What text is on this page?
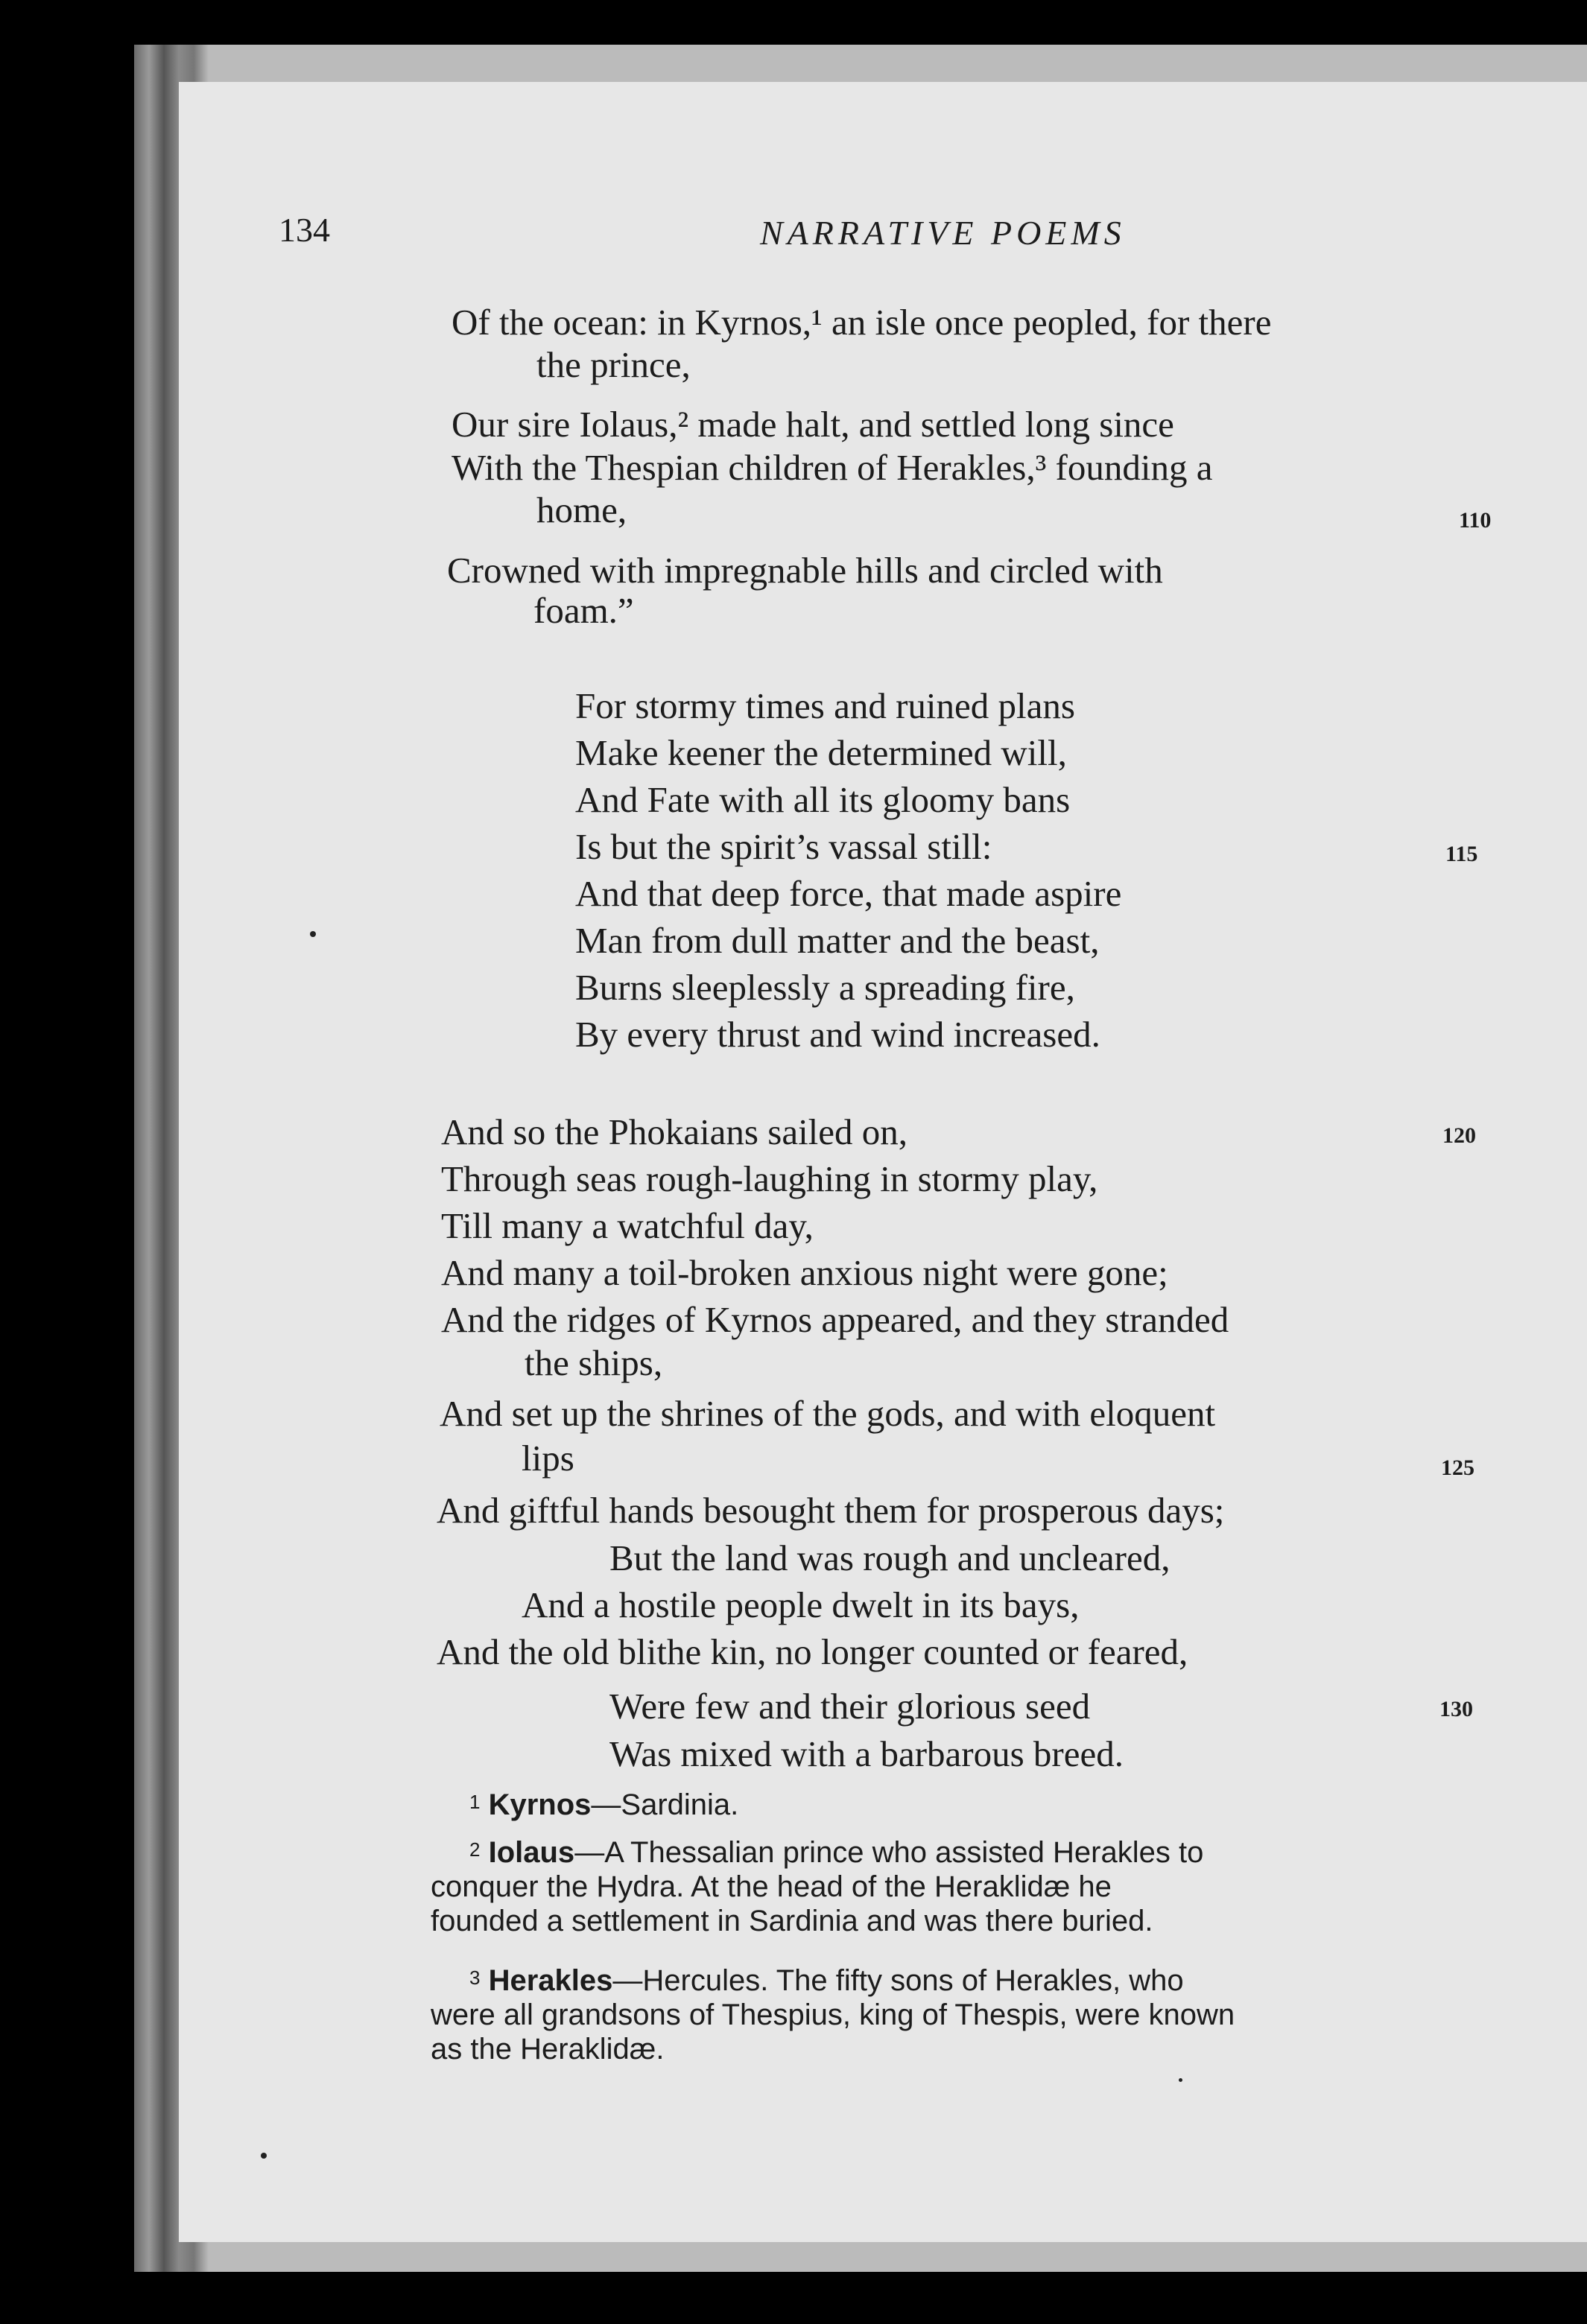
134	NARRATIVE POEMS
Of the ocean: in Kyrnos,¹ an isle once peopled, for there
the prince,
Our sire Iolaus,² made halt, and settled long since
With the Thespian children of Herakles,³ founding a
home,	110
Crowned with impregnable hills and circled with
foam.”
For stormy times and ruined plans
Make keener the determined will,
And Fate with all its gloomy bans
Is but the spirit’s vassal still:	115
And that deep force, that made aspire
Man from dull matter and the beast,
Burns sleeplessly a spreading fire,
By every thrust and wind increased.
And so the Phokaians sailed on,	120
Through seas rough-laughing in stormy play,
Till many a watchful day,
And many a toil-broken anxious night were gone;
And the ridges of Kyrnos appeared, and they stranded
the ships,
And set up the shrines of the gods, and with eloquent
lips	125
And giftful hands besought them for prosperous days;
But the land was rough and uncleared,
And a hostile people dwelt in its bays,
And the old blithe kin, no longer counted or feared,
Were few and their glorious seed	130
Was mixed with a barbarous breed.
$^1$ Kyrnos—Sardinia.
$^2$ Iolaus—A Thessalian prince who assisted Herakles to
conquer the Hydra. At the head of the Heraklidæ he
founded a settlement in Sardinia and was there buried.
$^3$ Herakles—Hercules. The fifty sons of Herakles, who
were all grandsons of Thespius, king of Thespis, were known
as the Heraklidæ.
